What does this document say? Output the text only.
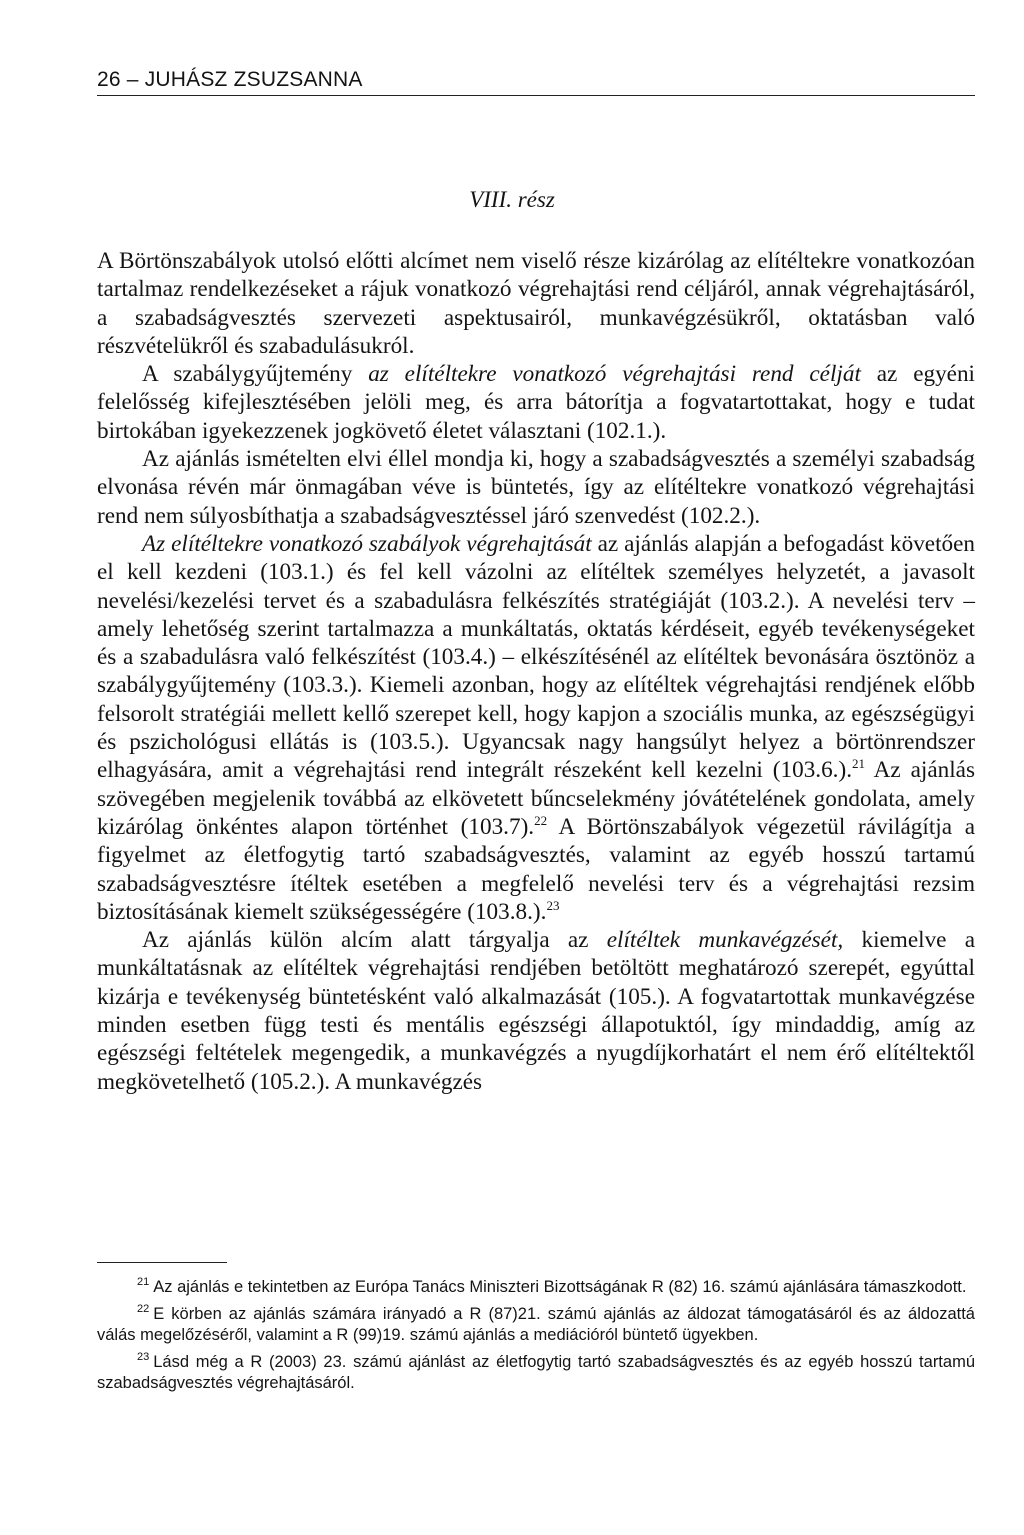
26 – JUHÁSZ ZSUZSANNA
VIII. rész

A Börtönszabályok utolsó előtti alcímet nem viselő része kizárólag az elítéltekre vonatkozóan tartalmaz rendelkezéseket a rájuk vonatkozó végrehajtási rend céljáról, annak végrehajtásáról, a szabadságvesztés szervezeti aspektusairól, munkavégzésükről, oktatásban való részvételükről és szabadulásukról.

A szabálygyűjtemény az elítéltekre vonatkozó végrehajtási rend célját az egyéni felelősség kifejlesztésében jelöli meg, és arra bátorítja a fogvatartottakat, hogy e tudat birtokában igyekezzenek jogkövető életet választani (102.1.).

Az ajánlás ismételten elvi éllel mondja ki, hogy a szabadságvesztés a személyi szabadság elvonása révén már önmagában véve is büntetés, így az elítéltekre vonatkozó végrehajtási rend nem súlyosbíthatja a szabadságvesztéssel járó szenvedést (102.2.).

Az elítéltekre vonatkozó szabályok végrehajtását az ajánlás alapján a befogadást követően el kell kezdeni (103.1.) és fel kell vázolni az elítéltek személyes helyzetét, a javasolt nevelési/kezelési tervet és a szabadulásra felkészítés stratégiáját (103.2.). A nevelési terv – amely lehetőség szerint tartalmazza a munkáltatás, oktatás kérdéseit, egyéb tevékenységeket és a szabadulásra való felkészítést (103.4.) – elkészítésénél az elítéltek bevonására ösztönöz a szabálygyűjtemény (103.3.). Kiemeli azonban, hogy az elítéltek végrehajtási rendjének előbb felsorolt stratégiái mellett kellő szerepet kell, hogy kapjon a szociális munka, az egészségügyi és pszichológusi ellátás is (103.5.). Ugyancsak nagy hangsúlyt helyez a börtönrendszer elhagyására, amit a végrehajtási rend integrált részeként kell kezelni (103.6.).$^{21}$ Az ajánlás szövegében megjelenik továbbá az elkövetett bűncselekmény jóvátételének gondolata, amely kizárólag önkéntes alapon történhet (103.7).$^{22}$ A Börtönszabályok végezetül rávilágítja a figyelmet az életfogytig tartó szabadságvesztés, valamint az egyéb hosszú tartamú szabadságvesztésre ítéltek esetében a megfelelő nevelési terv és a végrehajtási rezsim biztosításának kiemelt szükségességére (103.8.).$^{23}$

Az ajánlás külön alcím alatt tárgyalja az elítéltek munkavégzését, kiemelve a munkáltatásnak az elítéltek végrehajtási rendjében betöltött meghatározó szerepét, egyúttal kizárja e tevékenység büntetésként való alkalmazását (105.). A fogvatartottak munkavégzése minden esetben függ testi és mentális egészségi állapotuktól, így mindaddig, amíg az egészségi feltételek megengedik, a munkavégzés a nyugdíjkorhatárt el nem érő elítéltektől megkövetelhető (105.2.). A munkavégzés

$^{21}$ Az ajánlás e tekintetben az Európa Tanács Miniszteri Bizottságának R (82) 16. számú ajánlására támaszkodott.

$^{22}$ E körben az ajánlás számára irányadó a R (87)21. számú ajánlás az áldozat támogatásáról és az áldozattá válás megelőzéséről, valamint a R (99)19. számú ajánlás a mediációról büntető ügyekben.

$^{23}$ Lásd még a R (2003) 23. számú ajánlást az életfogytig tartó szabadságvesztés és az egyéb hosszú tartamú szabadságvesztés végrehajtásáról.
